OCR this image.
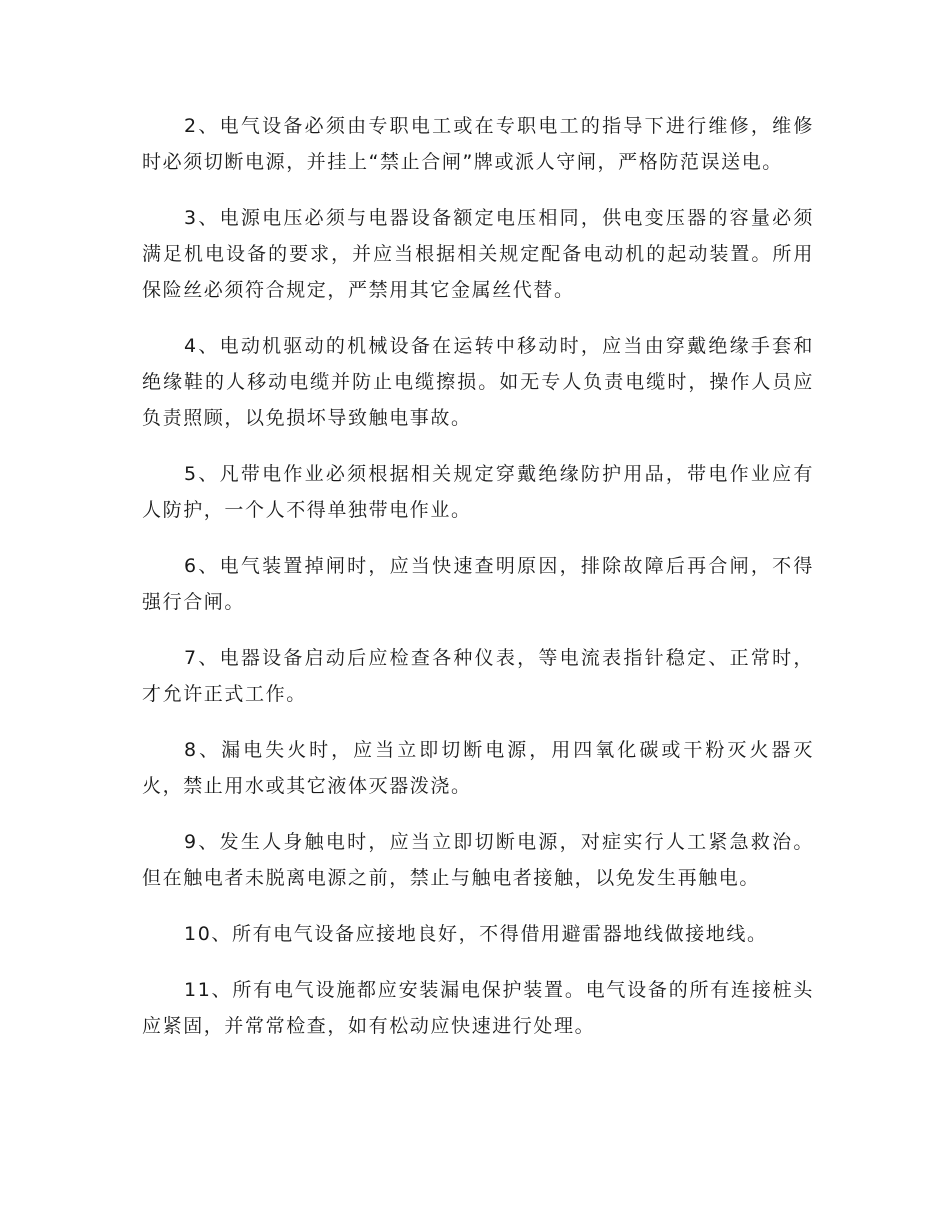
2、电气设备必须由专职电工或在专职电工的指导下进行维修，维修时必须切断电源，并挂上“禁止合闸”牌或派人守闸，严格防范误送电。

3、电源电压必须与电器设备额定电压相同，供电变压器的容量必须满足机电设备的要求，并应当根据相关规定配备电动机的起动装置。所用保险丝必须符合规定，严禁用其它金属丝代替。

4、电动机驱动的机械设备在运转中移动时，应当由穿戴绝缘手套和绝缘鞋的人移动电缆并防止电缆擦损。如无专人负责电缆时，操作人员应负责照顾，以免损坏导致触电事故。

5、凡带电作业必须根据相关规定穿戴绝缘防护用品，带电作业应有人防护，一个人不得单独带电作业。

6、电气装置掉闸时，应当快速查明原因，排除故障后再合闸，不得强行合闸。

7、电器设备启动后应检查各种仪表，等电流表指针稳定、正常时，才允许正式工作。

8、漏电失火时，应当立即切断电源，用四氧化碳或干粉灭火器灭火，禁止用水或其它液体灭器泼浇。

9、发生人身触电时，应当立即切断电源，对症实行人工紧急救治。但在触电者未脱离电源之前，禁止与触电者接触，以免发生再触电。

10、所有电气设备应接地良好，不得借用避雷器地线做接地线。

11、所有电气设施都应安装漏电保护装置。电气设备的所有连接桩头应紧固，并常常检查，如有松动应快速进行处理。
